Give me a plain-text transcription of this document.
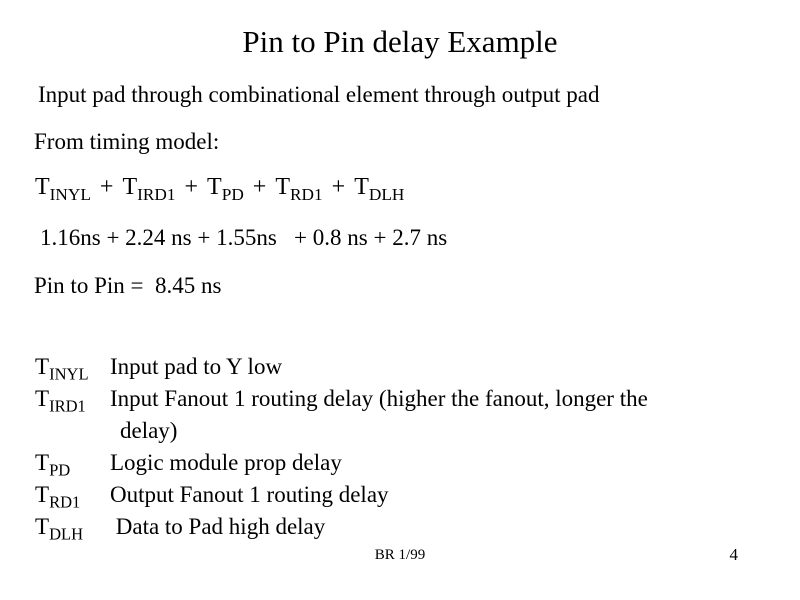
Pin to Pin delay Example
Input pad through combinational element through output pad
From timing model:
$T_{INYL} + T_{IRD1} + T_{PD} + T_{RD1} + T_{DLH}$
1.16ns + 2.24 ns + 1.55ns   + 0.8 ns + 2.7 ns
Pin to Pin =  8.45 ns
$T_{INYL}$ Input pad to Y low
$T_{IRD1}$	Input Fanout 1 routing delay (higher the fanout, longer the
delay)
$T_{PD}$	Logic module prop delay
$T_{RD1}$	Output Fanout 1 routing delay
$T_{DLH}$	Data to Pad high delay
BR 1/99	4
